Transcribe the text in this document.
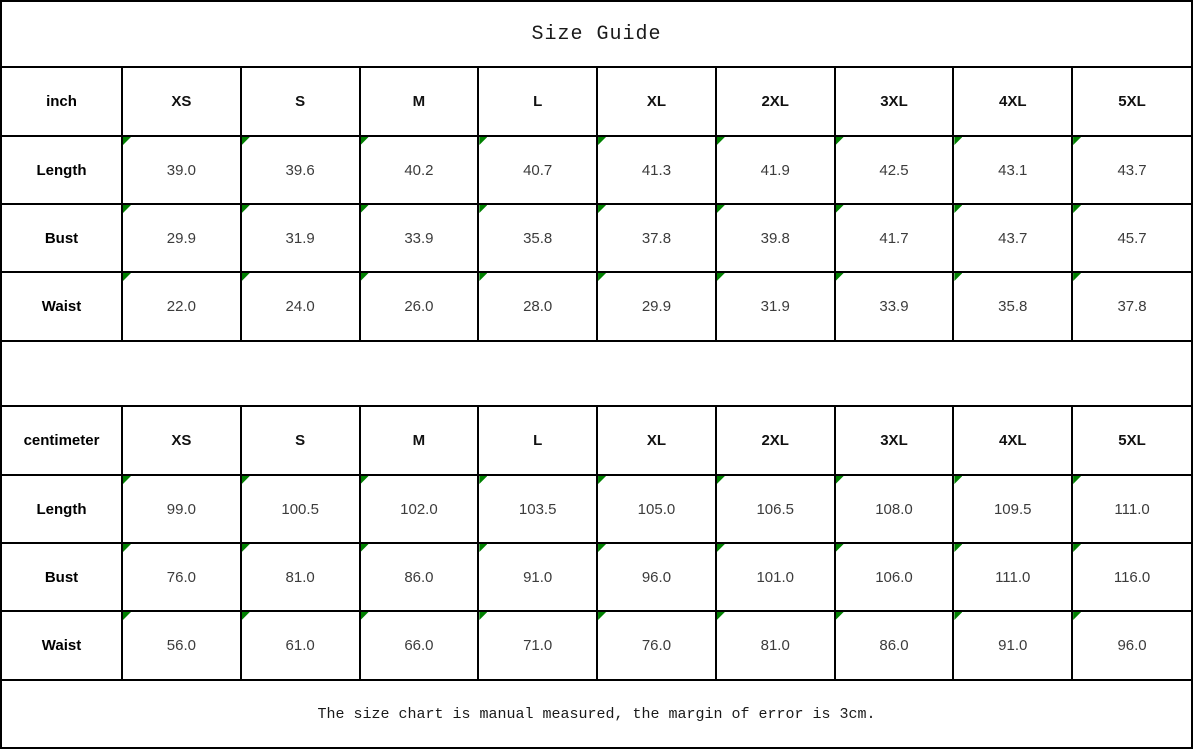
Size Guide
inch	XS	S	M	L	XL	2XL	3XL	4XL	5XL
Length	39.0	39.6	40.2	40.7	41.3	41.9	42.5	43.1	43.7
Bust	29.9	31.9	33.9	35.8	37.8	39.8	41.7	43.7	45.7
Waist	22.0	24.0	26.0	28.0	29.9	31.9	33.9	35.8	37.8
centimeter	XS	S	M	L	XL	2XL	3XL	4XL	5XL
Length	99.0	100.5	102.0	103.5	105.0	106.5	108.0	109.5	111.0
Bust	76.0	81.0	86.0	91.0	96.0	101.0	106.0	111.0	116.0
Waist	56.0	61.0	66.0	71.0	76.0	81.0	86.0	91.0	96.0
The size chart is manual measured, the margin of error is 3cm.
